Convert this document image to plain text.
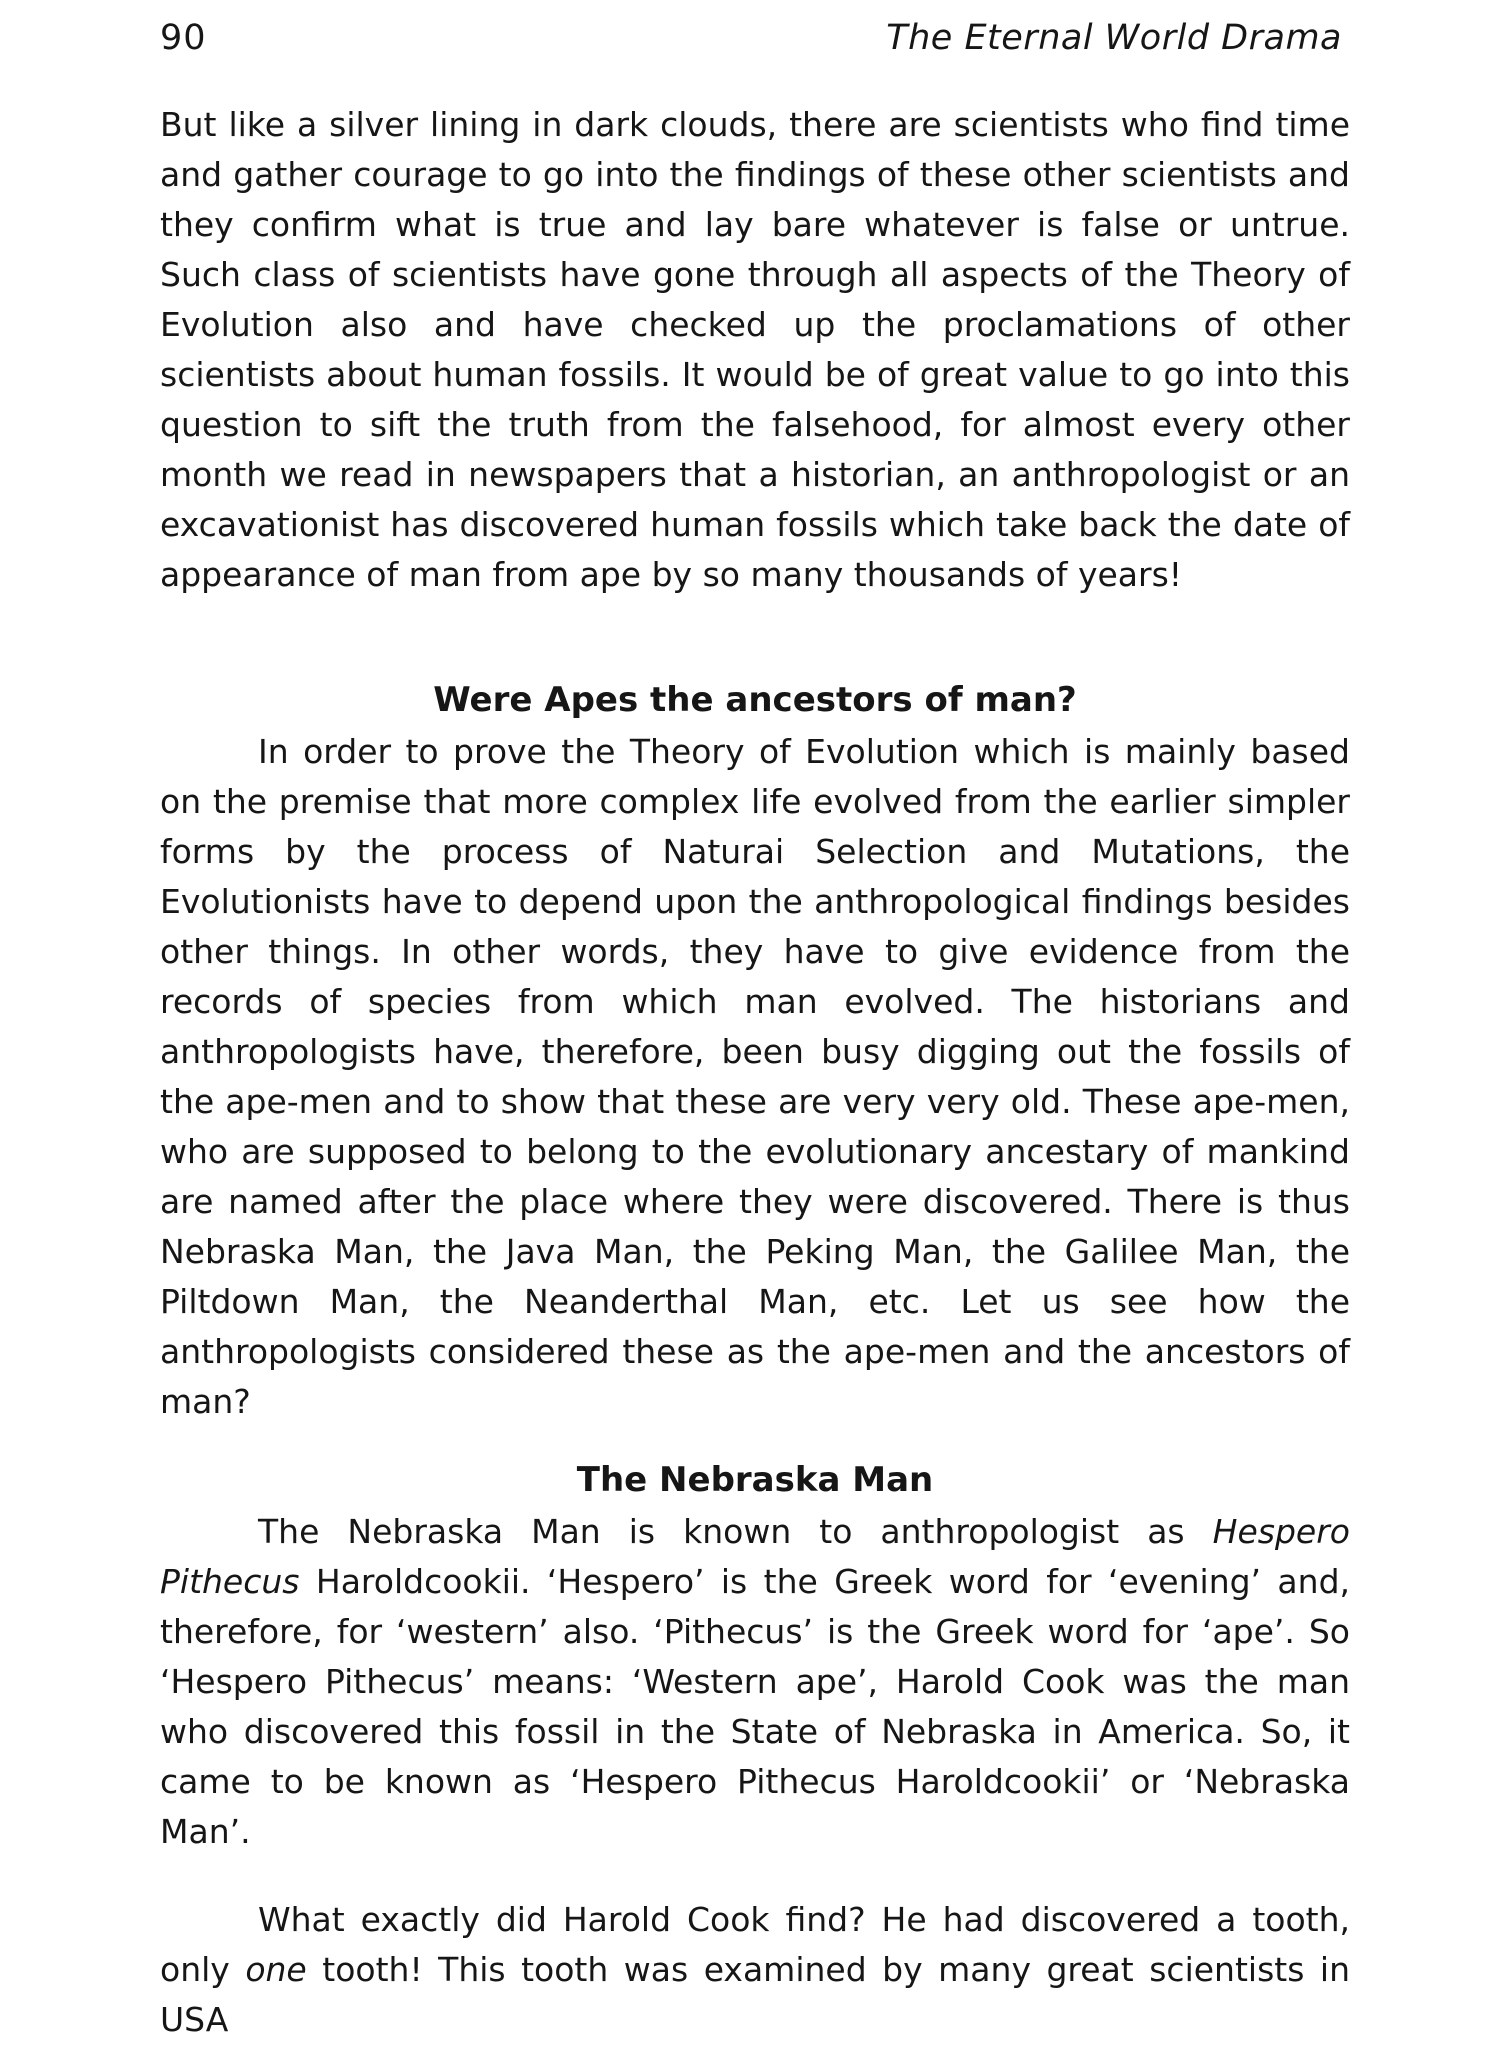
90	The Eternal World Drama

But like a silver lining in dark clouds, there are scientists who find time and gather courage to go into the findings of these other scientists and they confirm what is true and lay bare whatever is false or untrue. Such class of scientists have gone through all aspects of the Theory of Evolution also and have checked up the proclamations of other scientists about human fossils. It would be of great value to go into this question to sift the truth from the falsehood, for almost every other month we read in newspapers that a historian, an anthropologist or an excavationist has discovered human fossils which take back the date of appearance of man from ape by so many thousands of years!

Were Apes the ancestors of man?

In order to prove the Theory of Evolution which is mainly based on the premise that more complex life evolved from the earlier simpler forms by the process of Naturai Selection and Mutations, the Evolutionists have to depend upon the anthropological findings besides other things. In other words, they have to give evidence from the records of species from which man evolved. The historians and anthropologists have, therefore, been busy digging out the fossils of the ape-men and to show that these are very very old. These ape-men, who are supposed to belong to the evolutionary ancestary of mankind are named after the place where they were discovered. There is thus Nebraska Man, the Java Man, the Peking Man, the Galilee Man, the Piltdown Man, the Neanderthal Man, etc. Let us see how the anthropologists considered these as the ape-men and the ancestors of man?

The Nebraska Man

The Nebraska Man is known to anthropologist as Hespero Pithecus Haroldcookii. ‘Hespero’ is the Greek word for ‘evening’ and, therefore, for ‘western’ also. ‘Pithecus’ is the Greek word for ‘ape’. So ‘Hespero Pithecus’ means: ‘Western ape’, Harold Cook was the man who discovered this fossil in the State of Nebraska in America. So, it came to be known as ‘Hespero Pithecus Haroldcookii’ or ‘Nebraska Man’.

What exactly did Harold Cook find? He had discovered a tooth, only one tooth! This tooth was examined by many great scientists in USA
